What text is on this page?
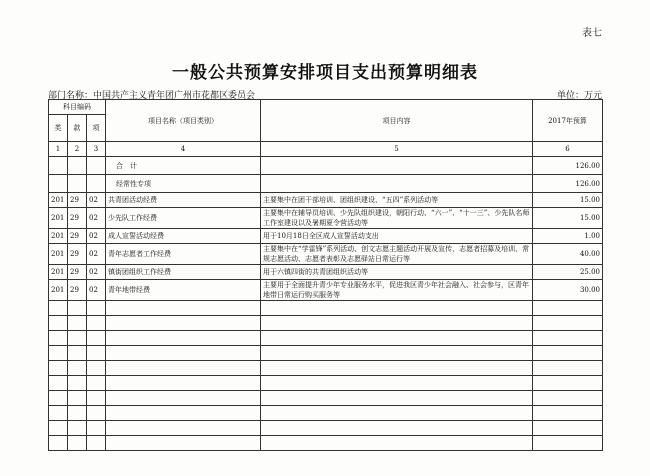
表七
一般公共预算安排项目支出预算明细表
部门名称：中国共产主义青年团广州市花都区委员会	单位：万元
科目编码			项目名称（项目类别）	项目内容	2017年预算
类	款	项			
1	2	3	4	5	6
			合　计		126.00
			经常性专项		126.00
201	29	02	共青团活动经费	主要集中在团干部培训、团组织建设、“五四”系列活动等	15.00
201	29	02	少先队工作经费	主要集中在辅导员培训、少先队组织建设，朝阳行动、“六一”、“十一三”、少先队名师工作室建设以及暑期夏令营活动等	15.00
201	29	02	成人宣誓活动经费	用于10月18日全区成人宣誓活动支出	1.00
201	29	02	青年志愿者工作经费	主要集中在“学雷锋”系列活动、创文志愿主题活动开展及宣传、志愿者招募及培训、常规志愿活动、志愿者表彰及志愿驿站日常运行等	40.00
201	29	02	镇街团组织工作经费	用于六镇四街的共青团组织活动等	25.00
201	29	02	青年地带经费	主要用于全面提升青少年专业服务水平，促进我区青少年社会融入、社会参与，区青年地带日常运行购买服务等	30.00
